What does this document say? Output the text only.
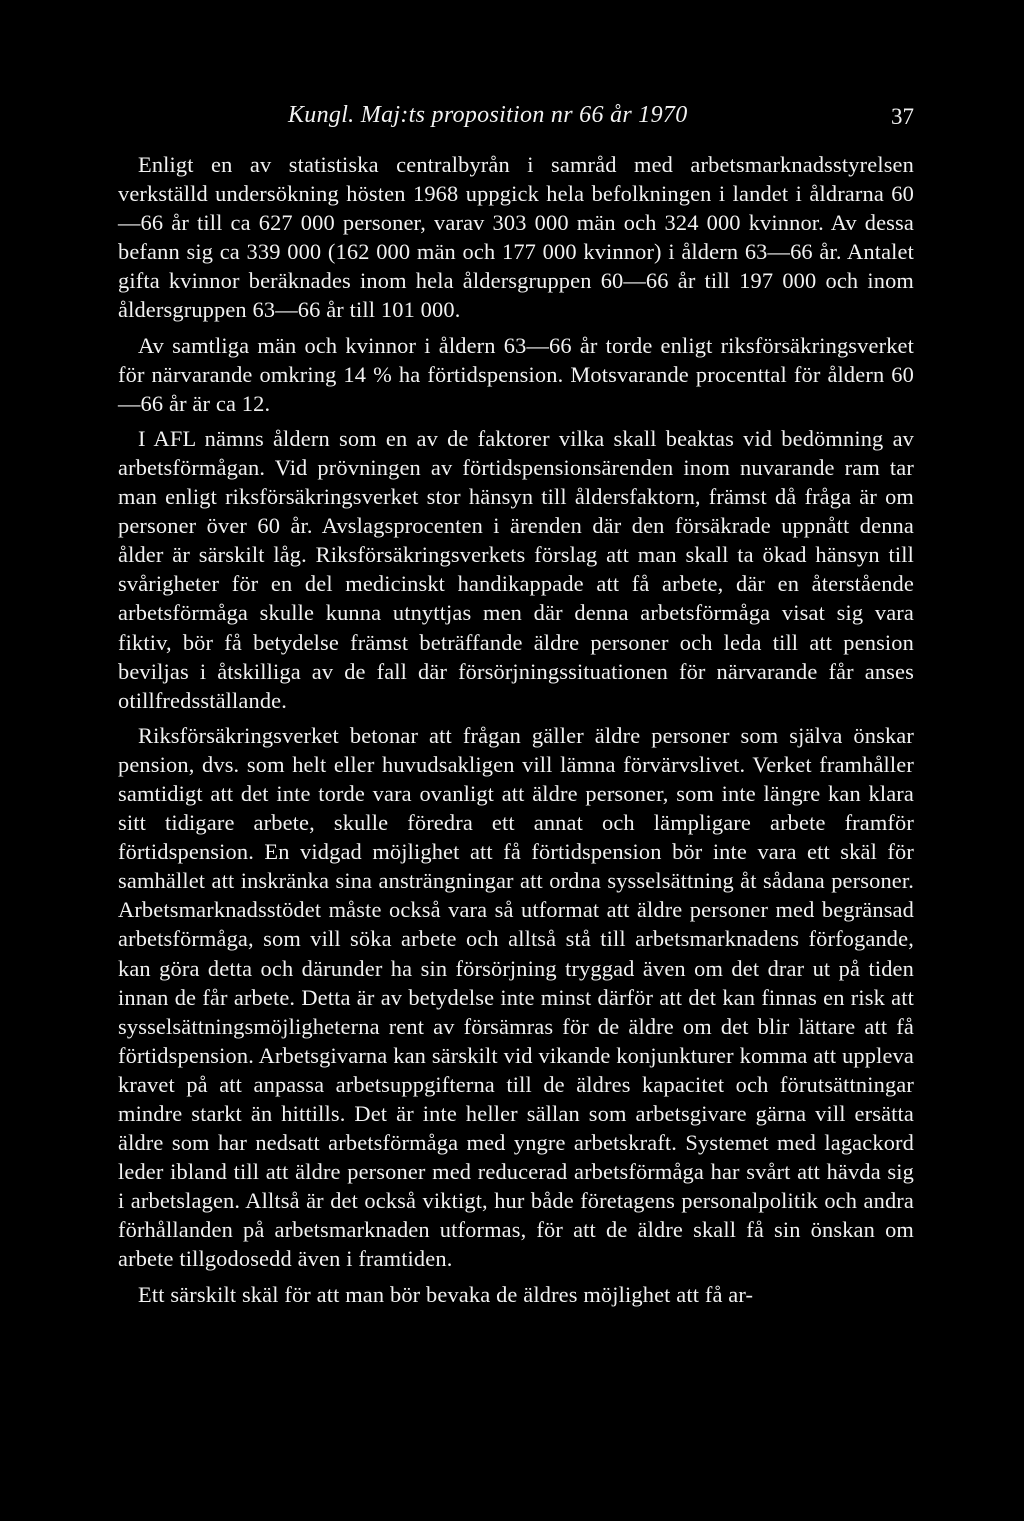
Kungl. Maj:ts proposition nr 66 år 1970	37

Enligt en av statistiska centralbyrån i samråd med arbetsmarknadsstyrelsen verkställd undersökning hösten 1968 uppgick hela befolkningen i landet i åldrarna 60—66 år till ca 627 000 personer, varav 303 000 män och 324 000 kvinnor. Av dessa befann sig ca 339 000 (162 000 män och 177 000 kvinnor) i åldern 63—66 år. Antalet gifta kvinnor beräknades inom hela åldersgruppen 60—66 år till 197 000 och inom åldersgruppen 63—66 år till 101 000.

Av samtliga män och kvinnor i åldern 63—66 år torde enligt riksförsäkringsverket för närvarande omkring 14 % ha förtidspension. Motsvarande procenttal för åldern 60—66 år är ca 12.

I AFL nämns åldern som en av de faktorer vilka skall beaktas vid bedömning av arbetsförmågan. Vid prövningen av förtidspensionsärenden inom nuvarande ram tar man enligt riksförsäkringsverket stor hänsyn till åldersfaktorn, främst då fråga är om personer över 60 år. Avslagsprocenten i ärenden där den försäkrade uppnått denna ålder är särskilt låg. Riksförsäkringsverkets förslag att man skall ta ökad hänsyn till svårigheter för en del medicinskt handikappade att få arbete, där en återstående arbetsförmåga skulle kunna utnyttjas men där denna arbetsförmåga visat sig vara fiktiv, bör få betydelse främst beträffande äldre personer och leda till att pension beviljas i åtskilliga av de fall där försörjningssituationen för närvarande får anses otillfredsställande.

Riksförsäkringsverket betonar att frågan gäller äldre personer som själva önskar pension, dvs. som helt eller huvudsakligen vill lämna förvärvslivet. Verket framhåller samtidigt att det inte torde vara ovanligt att äldre personer, som inte längre kan klara sitt tidigare arbete, skulle föredra ett annat och lämpligare arbete framför förtidspension. En vidgad möjlighet att få förtidspension bör inte vara ett skäl för samhället att inskränka sina ansträngningar att ordna sysselsättning åt sådana personer. Arbetsmarknadsstödet måste också vara så utformat att äldre personer med begränsad arbetsförmåga, som vill söka arbete och alltså stå till arbetsmarknadens förfogande, kan göra detta och därunder ha sin försörjning tryggad även om det drar ut på tiden innan de får arbete. Detta är av betydelse inte minst därför att det kan finnas en risk att sysselsättningsmöjligheterna rent av försämras för de äldre om det blir lättare att få förtidspension. Arbetsgivarna kan särskilt vid vikande konjunkturer komma att uppleva kravet på att anpassa arbetsuppgifterna till de äldres kapacitet och förutsättningar mindre starkt än hittills. Det är inte heller sällan som arbetsgivare gärna vill ersätta äldre som har nedsatt arbetsförmåga med yngre arbetskraft. Systemet med lagackord leder ibland till att äldre personer med reducerad arbetsförmåga har svårt att hävda sig i arbetslagen. Alltså är det också viktigt, hur både företagens personalpolitik och andra förhållanden på arbetsmarknaden utformas, för att de äldre skall få sin önskan om arbete tillgodosedd även i framtiden.

Ett särskilt skäl för att man bör bevaka de äldres möjlighet att få ar-
